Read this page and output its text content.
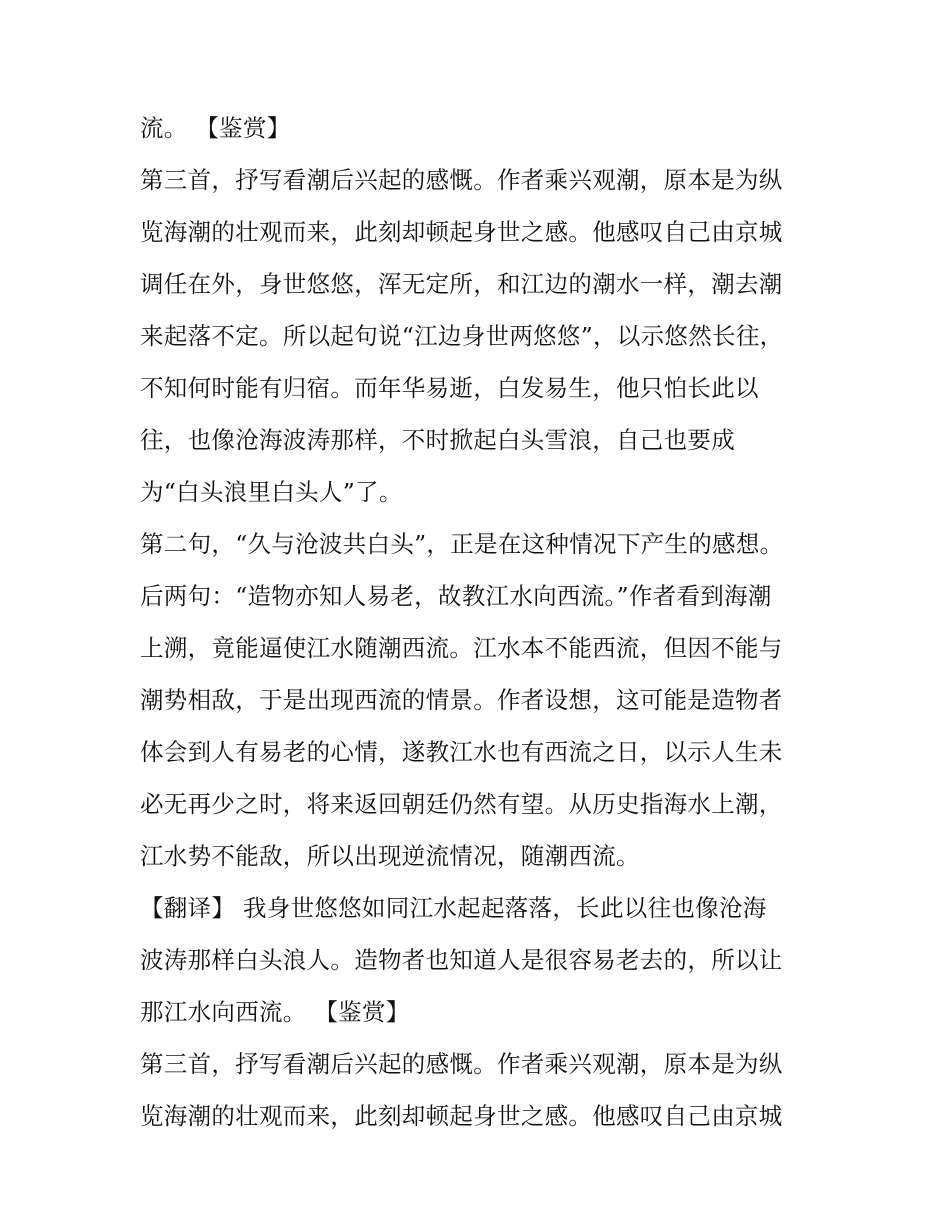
流。 【鉴赏】
第三首，抒写看潮后兴起的感慨。作者乘兴观潮，原本是为纵
览海潮的壮观而来，此刻却顿起身世之感。他感叹自己由京城
调任在外，身世悠悠，浑无定所，和江边的潮水一样，潮去潮
来起落不定。所以起句说“江边身世两悠悠”，以示悠然长往，
不知何时能有归宿。而年华易逝，白发易生，他只怕长此以
往，也像沧海波涛那样，不时掀起白头雪浪，自己也要成
为“白头浪里白头人”了。
第二句，“久与沧波共白头”，正是在这种情况下产生的感想。
后两句：“造物亦知人易老，故教江水向西流。”作者看到海潮
上溯，竟能逼使江水随潮西流。江水本不能西流，但因不能与
潮势相敌，于是出现西流的情景。作者设想，这可能是造物者
体会到人有易老的心情，遂教江水也有西流之日，以示人生未
必无再少之时，将来返回朝廷仍然有望。从历史指海水上潮，
江水势不能敌，所以出现逆流情况，随潮西流。
【翻译】 我身世悠悠如同江水起起落落，长此以往也像沧海
波涛那样白头浪人。造物者也知道人是很容易老去的，所以让
那江水向西流。 【鉴赏】
第三首，抒写看潮后兴起的感慨。作者乘兴观潮，原本是为纵
览海潮的壮观而来，此刻却顿起身世之感。他感叹自己由京城
